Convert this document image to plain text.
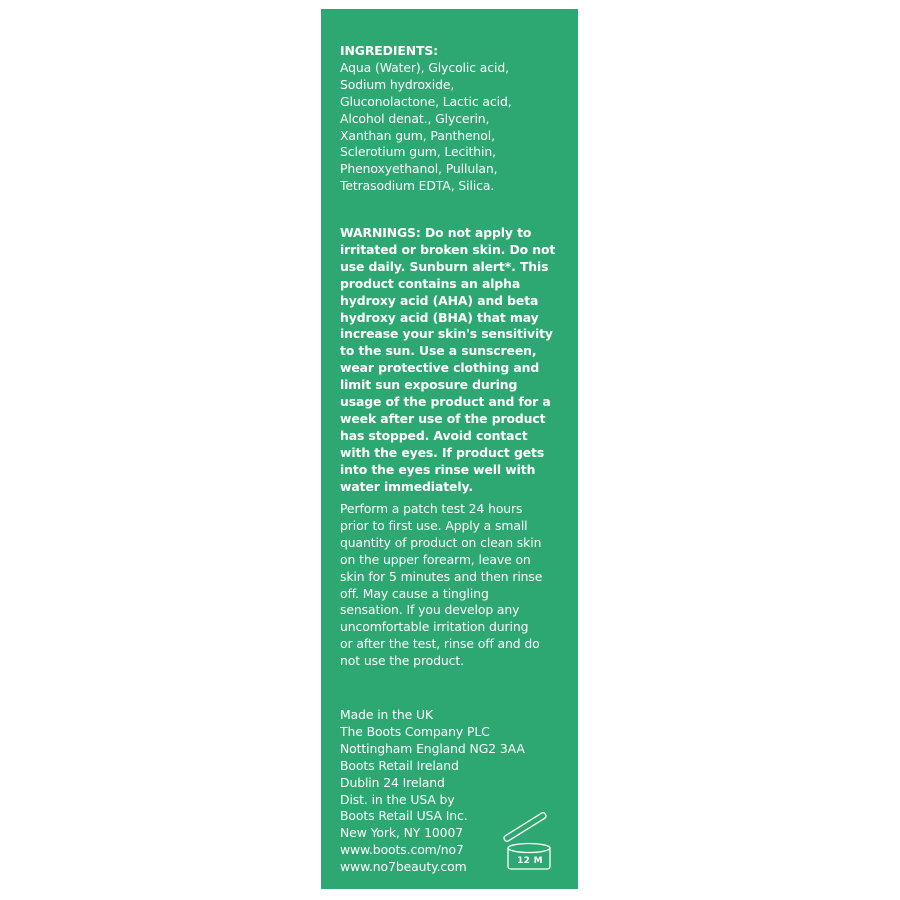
INGREDIENTS:
Aqua (Water), Glycolic acid,
Sodium hydroxide,
Gluconolactone, Lactic acid,
Alcohol denat., Glycerin,
Xanthan gum, Panthenol,
Sclerotium gum, Lecithin,
Phenoxyethanol, Pullulan,
Tetrasodium EDTA, Silica.
WARNINGS: Do not apply to
irritated or broken skin. Do not
use daily. Sunburn alert*. This
product contains an alpha
hydroxy acid (AHA) and beta
hydroxy acid (BHA) that may
increase your skin's sensitivity
to the sun. Use a sunscreen,
wear protective clothing and
limit sun exposure during
usage of the product and for a
week after use of the product
has stopped. Avoid contact
with the eyes. If product gets
into the eyes rinse well with
water immediately.
Perform a patch test 24 hours
prior to first use. Apply a small
quantity of product on clean skin
on the upper forearm, leave on
skin for 5 minutes and then rinse
off. May cause a tingling
sensation. If you develop any
uncomfortable irritation during
or after the test, rinse off and do
not use the product.
Made in the UK
The Boots Company PLC
Nottingham England NG2 3AA
Boots Retail Ireland
Dublin 24 Ireland
Dist. in the USA by
Boots Retail USA Inc.
New York, NY 10007
www.boots.com/no7
www.no7beauty.com	12 M
